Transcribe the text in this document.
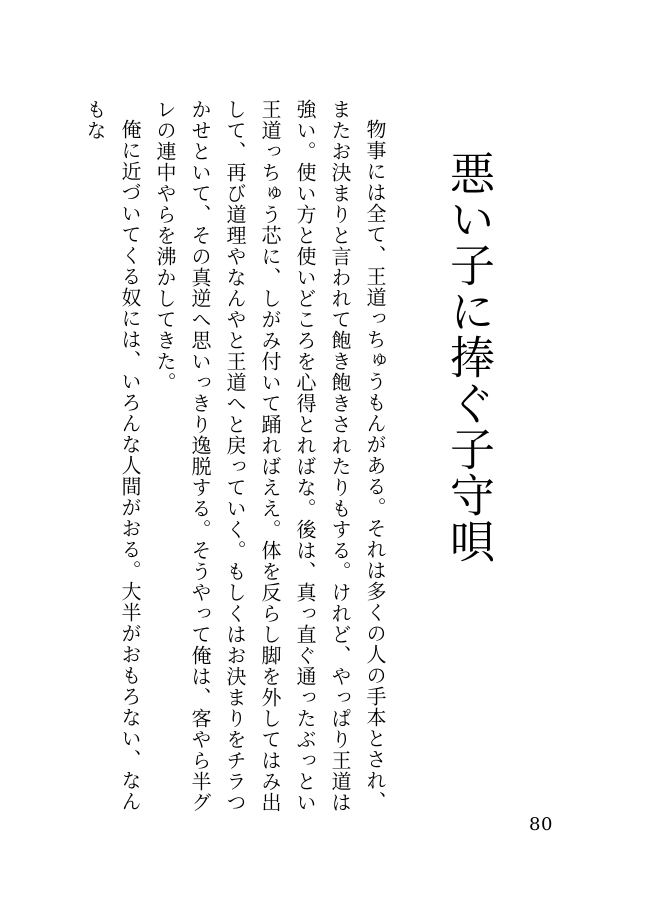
悪い子に捧ぐ子守唄

物事には全て、王道っちゅうもんがある。それは多くの人の手本とされ、またお決まりと言われて飽き飽きされたりもする。けれど、やっぱり王道は強い。使い方と使いどころを心得とればな。後は、真っ直ぐ通ったぶっとい王道っちゅう芯に、しがみ付いて踊ればええ。体を反らし脚を外してはみ出して、再び道理やなんやと王道へと戻っていく。もしくはお決まりをチラつかせといて、その真逆へ思いっきり逸脱する。そうやって俺は、客やら半グレの連中やらを沸かしてきた。

俺に近づいてくる奴には、いろんな人間がおる。大半がおもろない、なんもな

80
